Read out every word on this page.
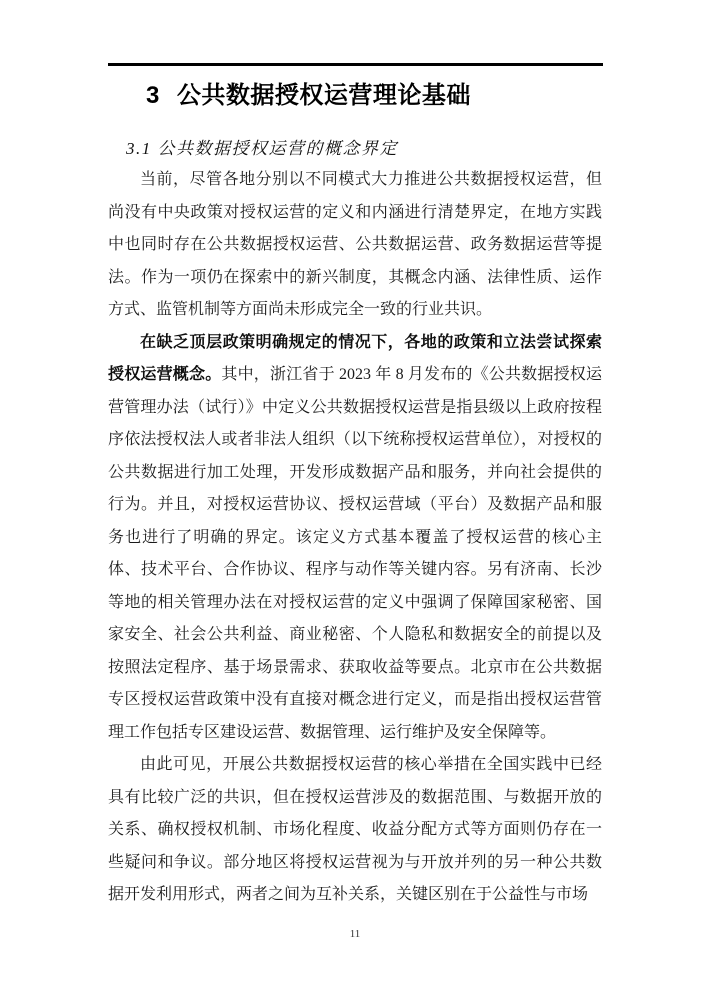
3 公共数据授权运营理论基础
3.1 公共数据授权运营的概念界定

当前，尽管各地分别以不同模式大力推进公共数据授权运营，但尚没有中央政策对授权运营的定义和内涵进行清楚界定，在地方实践中也同时存在公共数据授权运营、公共数据运营、政务数据运营等提法。作为一项仍在探索中的新兴制度，其概念内涵、法律性质、运作方式、监管机制等方面尚未形成完全一致的行业共识。

在缺乏顶层政策明确规定的情况下，各地的政策和立法尝试探索授权运营概念。其中，浙江省于 2023 年 8 月发布的《公共数据授权运营管理办法（试行）》中定义公共数据授权运营是指县级以上政府按程序依法授权法人或者非法人组织（以下统称授权运营单位），对授权的公共数据进行加工处理，开发形成数据产品和服务，并向社会提供的行为。并且，对授权运营协议、授权运营域（平台）及数据产品和服务也进行了明确的界定。该定义方式基本覆盖了授权运营的核心主体、技术平台、合作协议、程序与动作等关键内容。另有济南、长沙等地的相关管理办法在对授权运营的定义中强调了保障国家秘密、国家安全、社会公共利益、商业秘密、个人隐私和数据安全的前提以及按照法定程序、基于场景需求、获取收益等要点。北京市在公共数据专区授权运营政策中没有直接对概念进行定义，而是指出授权运营管理工作包括专区建设运营、数据管理、运行维护及安全保障等。

由此可见，开展公共数据授权运营的核心举措在全国实践中已经具有比较广泛的共识，但在授权运营涉及的数据范围、与数据开放的关系、确权授权机制、市场化程度、收益分配方式等方面则仍存在一些疑问和争议。部分地区将授权运营视为与开放并列的另一种公共数据开发利用形式，两者之间为互补关系，关键区别在于公益性与市场

11
